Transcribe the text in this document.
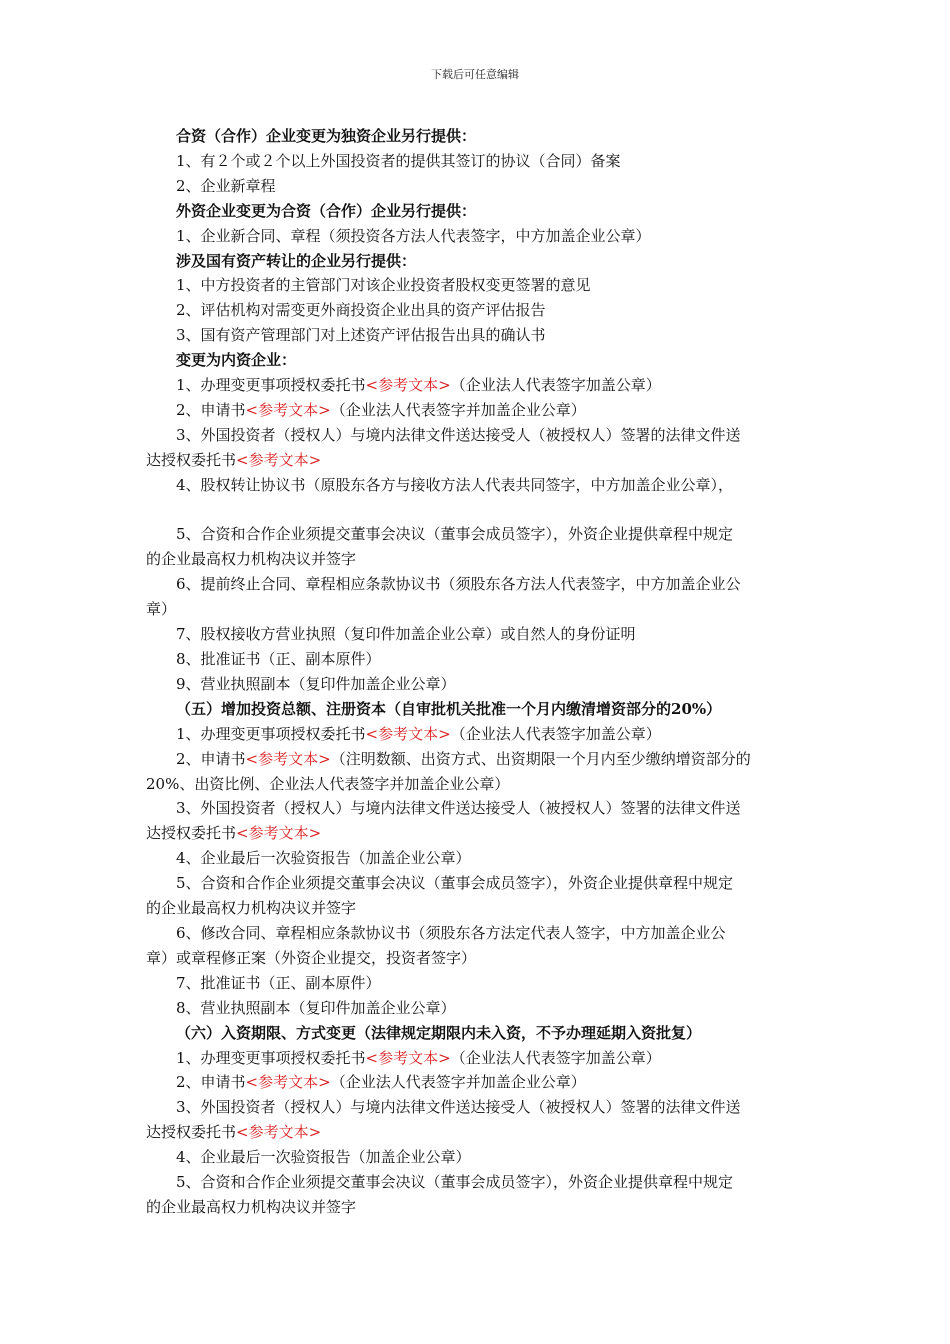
下载后可任意编辑
合资（合作）企业变更为独资企业另行提供：
1、有２个或２个以上外国投资者的提供其签订的协议（合同）备案
2、企业新章程
外资企业变更为合资（合作）企业另行提供：
1、企业新合同、章程（须投资各方法人代表签字，中方加盖企业公章）
涉及国有资产转让的企业另行提供：
1、中方投资者的主管部门对该企业投资者股权变更签署的意见
2、评估机构对需变更外商投资企业出具的资产评估报告
3、国有资产管理部门对上述资产评估报告出具的确认书
变更为内资企业：
1、办理变更事项授权委托书<参考文本>（企业法人代表签字加盖公章）
2、申请书<参考文本>（企业法人代表签字并加盖企业公章）
3、外国投资者（授权人）与境内法律文件送达接受人（被授权人）签署的法律文件送
达授权委托书<参考文本>
4、股权转让协议书（原股东各方与接收方法人代表共同签字，中方加盖企业公章），
5、合资和合作企业须提交董事会决议（董事会成员签字），外资企业提供章程中规定
的企业最高权力机构决议并签字
6、提前终止合同、章程相应条款协议书（须股东各方法人代表签字，中方加盖企业公
章）
7、股权接收方营业执照（复印件加盖企业公章）或自然人的身份证明
8、批准证书（正、副本原件）
9、营业执照副本（复印件加盖企业公章）
（五）增加投资总额、注册资本（自审批机关批准一个月内缴清增资部分的20%）
1、办理变更事项授权委托书<参考文本>（企业法人代表签字加盖公章）
2、申请书<参考文本>（注明数额、出资方式、出资期限一个月内至少缴纳增资部分的
20%、出资比例、企业法人代表签字并加盖企业公章）
3、外国投资者（授权人）与境内法律文件送达接受人（被授权人）签署的法律文件送
达授权委托书<参考文本>
4、企业最后一次验资报告（加盖企业公章）
5、合资和合作企业须提交董事会决议（董事会成员签字），外资企业提供章程中规定
的企业最高权力机构决议并签字
6、修改合同、章程相应条款协议书（须股东各方法定代表人签字，中方加盖企业公
章）或章程修正案（外资企业提交，投资者签字）
7、批准证书（正、副本原件）
8、营业执照副本（复印件加盖企业公章）
（六）入资期限、方式变更（法律规定期限内未入资，不予办理延期入资批复）
1、办理变更事项授权委托书<参考文本>（企业法人代表签字加盖公章）
2、申请书<参考文本>（企业法人代表签字并加盖企业公章）
3、外国投资者（授权人）与境内法律文件送达接受人（被授权人）签署的法律文件送
达授权委托书<参考文本>
4、企业最后一次验资报告（加盖企业公章）
5、合资和合作企业须提交董事会决议（董事会成员签字），外资企业提供章程中规定
的企业最高权力机构决议并签字
